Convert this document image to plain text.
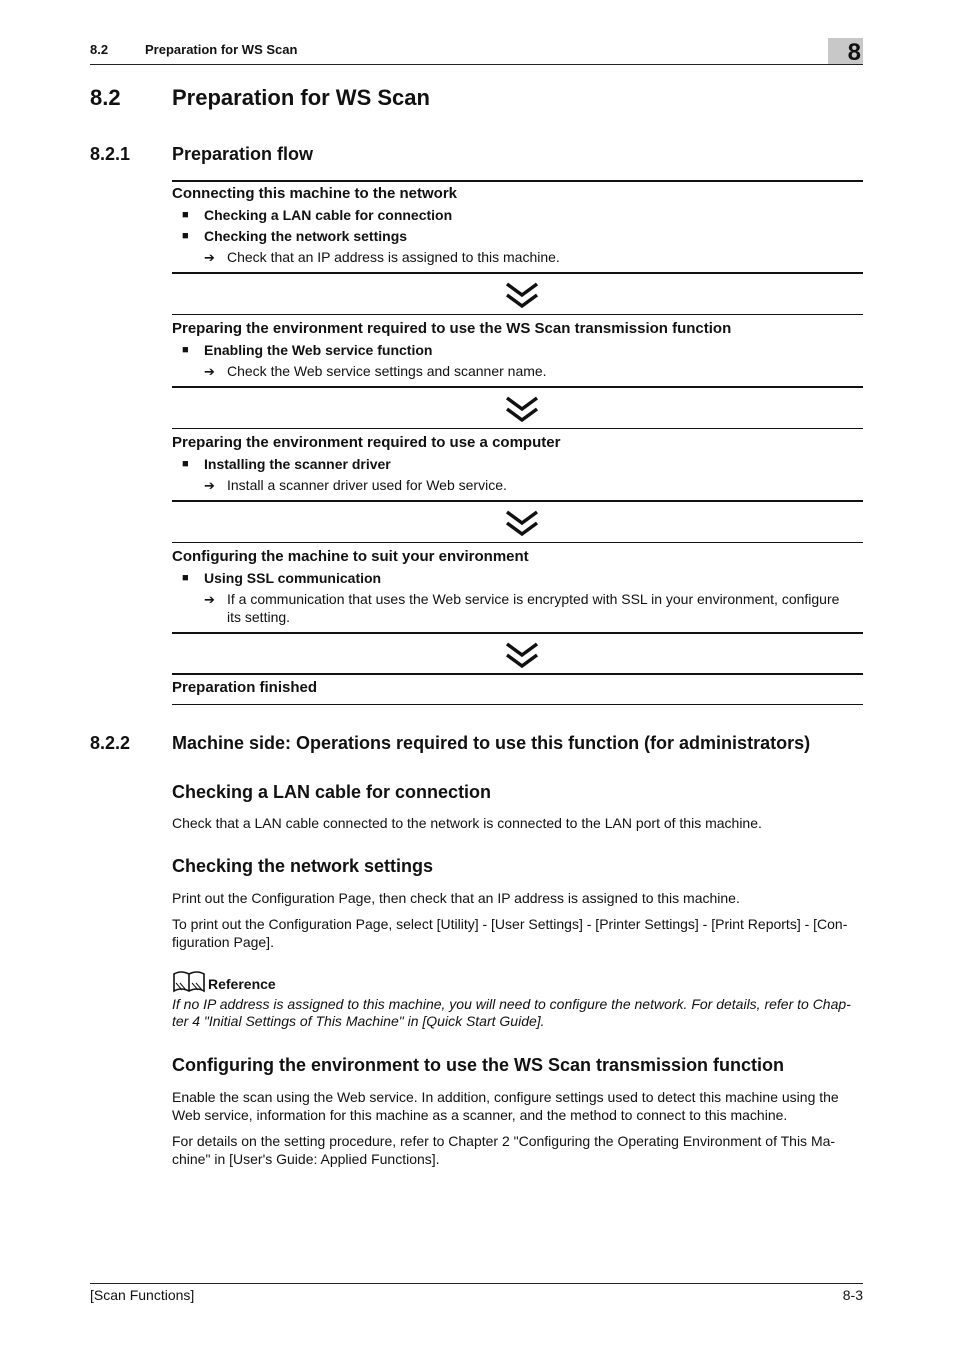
8.2	Preparation for WS Scan	8
8.2 Preparation for WS Scan
8.2.1 Preparation flow
Connecting this machine to the network
■ Checking a LAN cable for connection
■ Checking the network settings
➔ Check that an IP address is assigned to this machine.
Preparing the environment required to use the WS Scan transmission function
■ Enabling the Web service function
➔ Check the Web service settings and scanner name.
Preparing the environment required to use a computer
■ Installing the scanner driver
➔ Install a scanner driver used for Web service.
Configuring the machine to suit your environment
■ Using SSL communication
➔ If a communication that uses the Web service is encrypted with SSL in your environment, configure
its setting.
Preparation finished
8.2.2 Machine side: Operations required to use this function (for administrators)
Checking a LAN cable for connection
Check that a LAN cable connected to the network is connected to the LAN port of this machine.
Checking the network settings
Print out the Configuration Page, then check that an IP address is assigned to this machine.
To print out the Configuration Page, select [Utility] - [User Settings] - [Printer Settings] - [Print Reports] - [Con-
figuration Page].
Reference
If no IP address is assigned to this machine, you will need to configure the network. For details, refer to Chap-
ter 4 "Initial Settings of This Machine" in [Quick Start Guide].
Configuring the environment to use the WS Scan transmission function
Enable the scan using the Web service. In addition, configure settings used to detect this machine using the
Web service, information for this machine as a scanner, and the method to connect to this machine.
For details on the setting procedure, refer to Chapter 2 "Configuring the Operating Environment of This Ma-
chine" in [User's Guide: Applied Functions].
[Scan Functions]	8-3
